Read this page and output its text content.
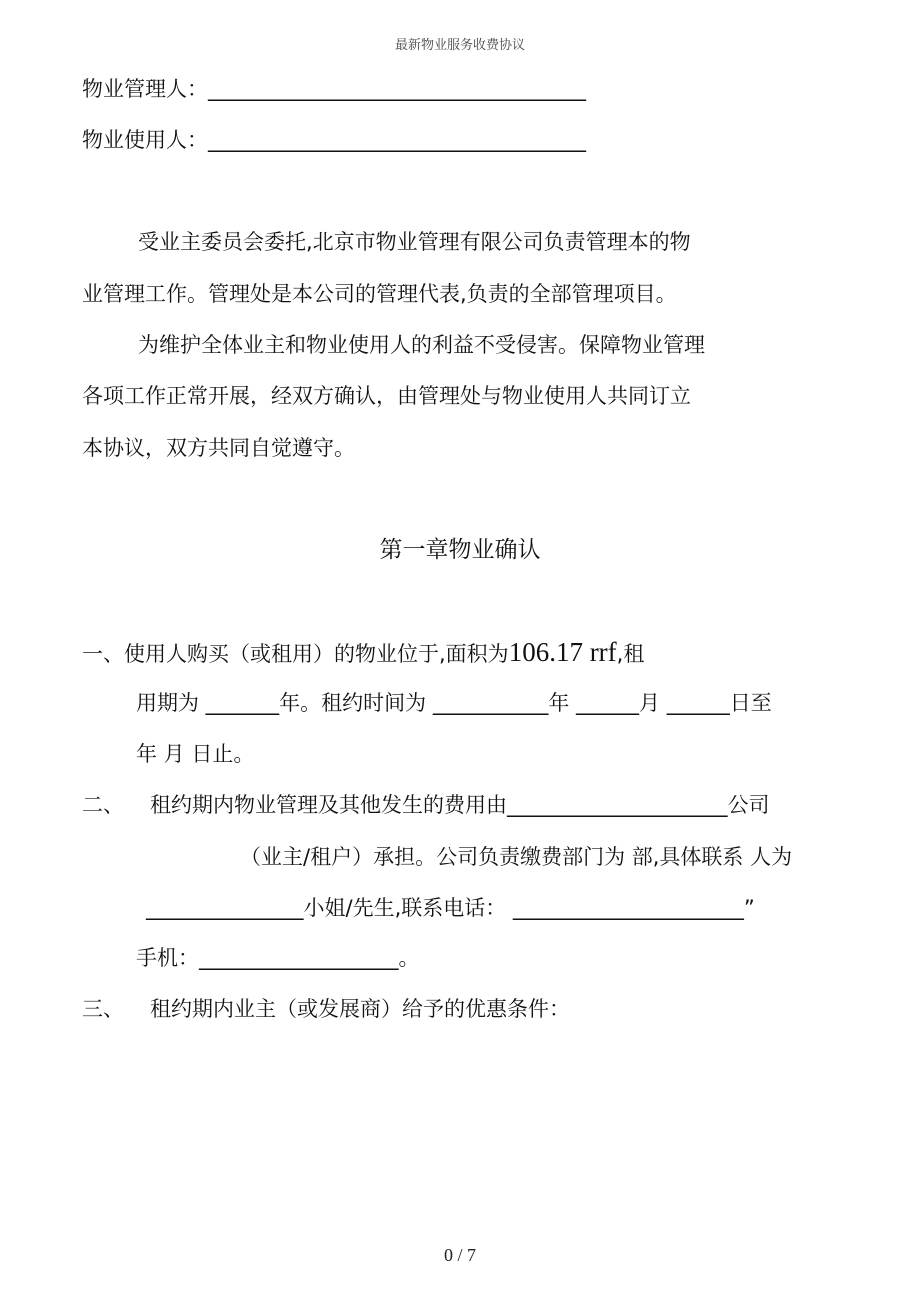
最新物业服务收费协议
物业管理人：____________________________________
物业使用人：____________________________________
受业主委员会委托,北京市物业管理有限公司负责管理本的物
业管理工作。管理处是本公司的管理代表,负责的全部管理项目。
为维护全体业主和物业使用人的利益不受侵害。保障物业管理
各项工作正常开展，经双方确认，由管理处与物业使用人共同订立
本协议，双方共同自觉遵守。
第一章物业确认
一、使用人购买（或租用）的物业位于,面积为106.17 rrf,租
用期为 _______年。租约时间为 ___________年 ______月 ______日至
年 月 日止。
二、 租约期内物业管理及其他发生的费用由_____________________公司
（业主/租户）承担。公司负责缴费部门为 部,具体联系 人为
_______________小姐/先生,联系电话： ______________________”
手机：___________________。
三、 租约期内业主（或发展商）给予的优惠条件：
0 / 7
